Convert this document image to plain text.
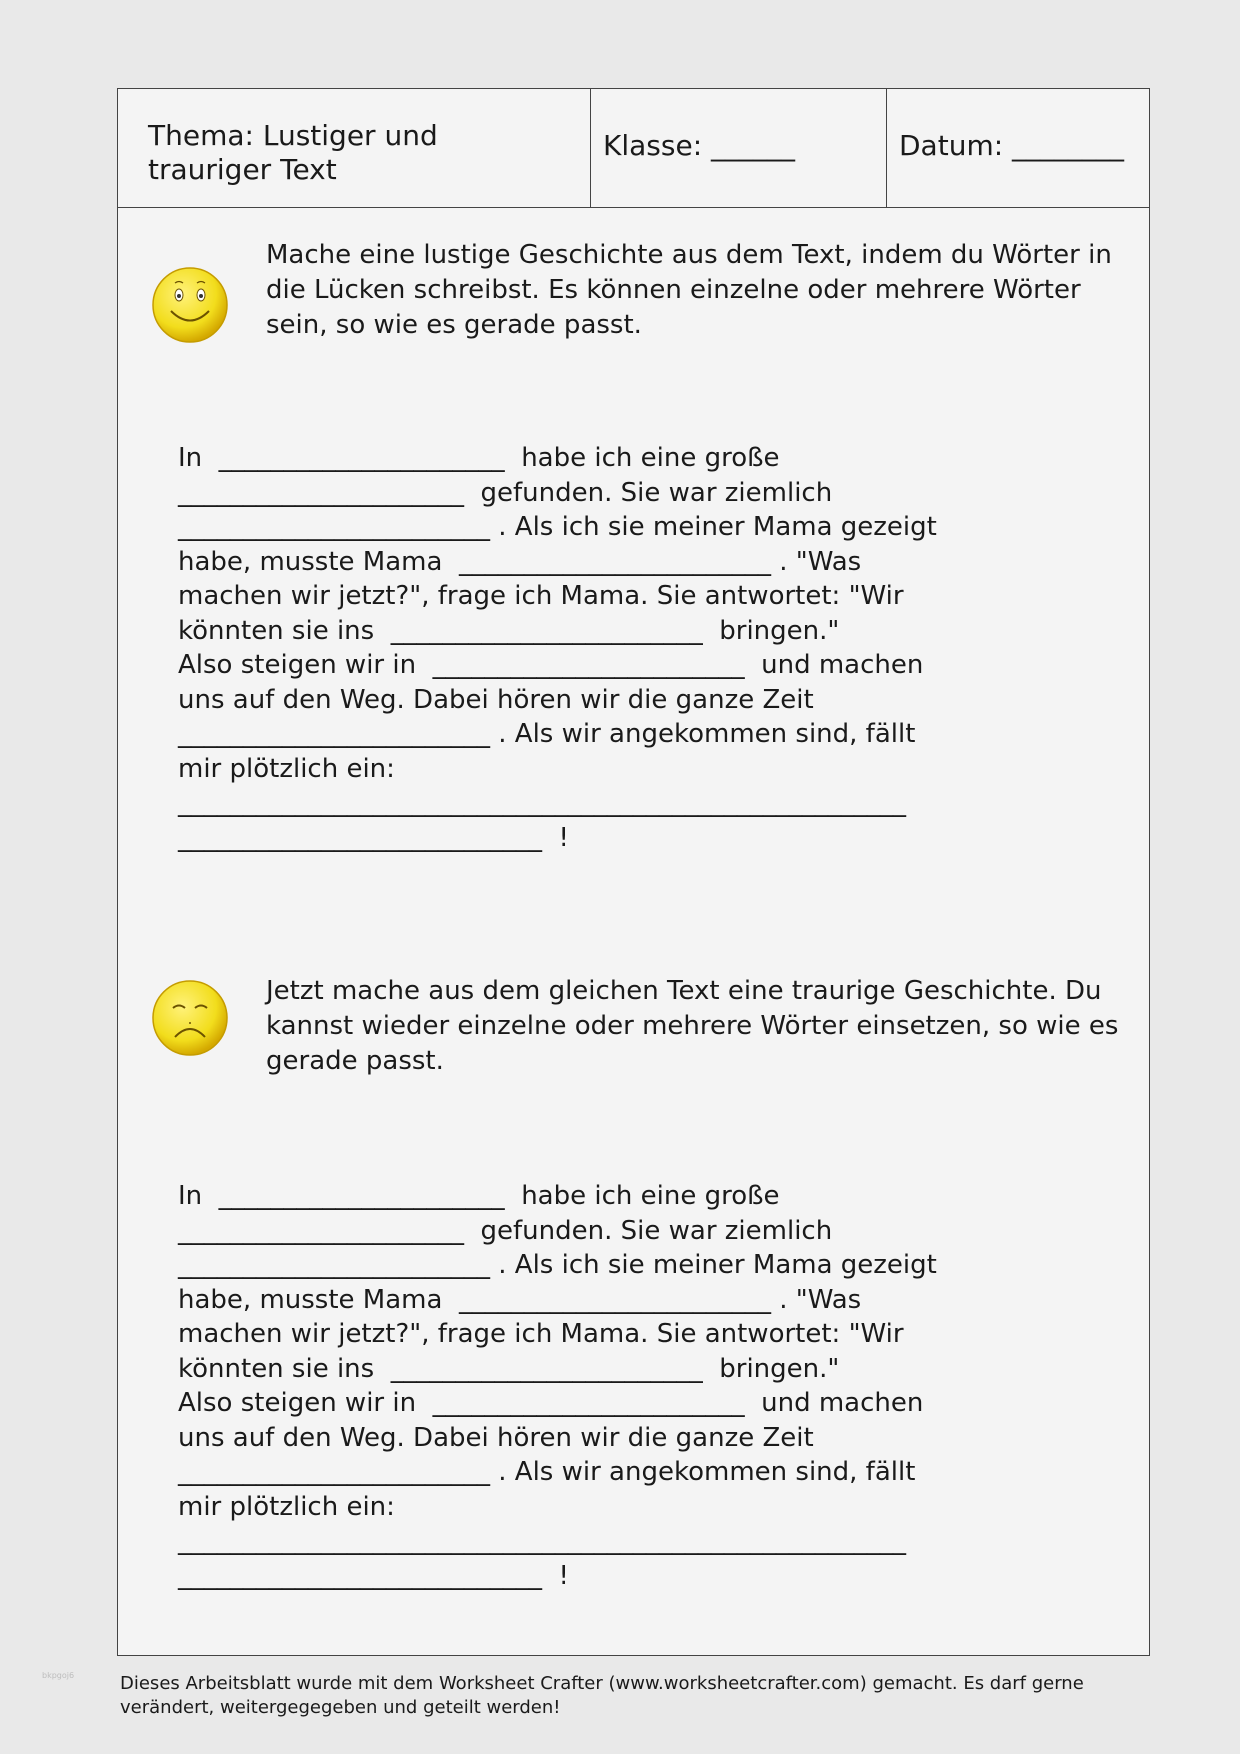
bkpgoj6
Thema: Lustiger und trauriger Text
Klasse: ______	Datum: ________
Mache eine lustige Geschichte aus dem Text, indem du Wörter in die Lücken schreibst. Es können einzelne oder mehrere Wörter sein, so wie es gerade passt.
In  ______________________  habe ich eine große
______________________  gefunden. Sie war ziemlich
________________________ . Als ich sie meiner Mama gezeigt
habe, musste Mama  ________________________ . "Was
machen wir jetzt?", frage ich Mama. Sie antwortet: "Wir
könnten sie ins  ________________________  bringen."
Also steigen wir in  ________________________  und machen
uns auf den Weg. Dabei hören wir die ganze Zeit
________________________ . Als wir angekommen sind, fällt
mir plötzlich ein:
________________________________________________________
____________________________  !
Jetzt mache aus dem gleichen Text eine traurige Geschichte. Du kannst wieder einzelne oder mehrere Wörter einsetzen, so wie es gerade passt.
In  ______________________  habe ich eine große
______________________  gefunden. Sie war ziemlich
________________________ . Als ich sie meiner Mama gezeigt
habe, musste Mama  ________________________ . "Was
machen wir jetzt?", frage ich Mama. Sie antwortet: "Wir
könnten sie ins  ________________________  bringen."
Also steigen wir in  ________________________  und machen
uns auf den Weg. Dabei hören wir die ganze Zeit
________________________ . Als wir angekommen sind, fällt
mir plötzlich ein:
________________________________________________________
____________________________  !
Dieses Arbeitsblatt wurde mit dem Worksheet Crafter (www.worksheetcrafter.com) gemacht. Es darf gerne verändert, weitergegegeben und geteilt werden!
